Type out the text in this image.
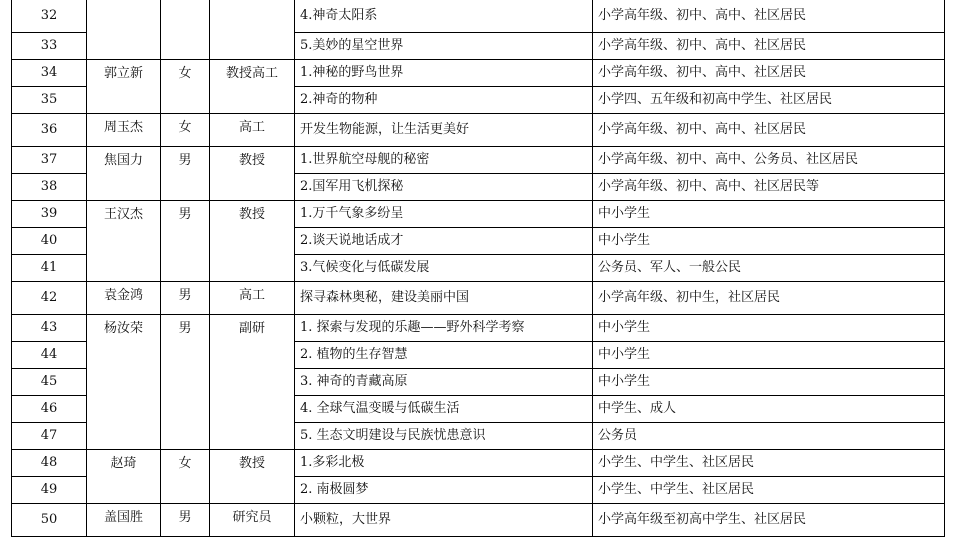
32				4.神奇太阳系	小学高年级、初中、高中、社区居民
33				5.美妙的星空世界	小学高年级、初中、高中、社区居民
34	郭立新	女	教授高工	1.神秘的野鸟世界	小学高年级、初中、高中、社区居民
35				2.神奇的物种	小学四、五年级和初高中学生、社区居民
36	周玉杰	女	高工	开发生物能源，让生活更美好	小学高年级、初中、高中、社区居民
37	焦国力	男	教授	1.世界航空母舰的秘密	小学高年级、初中、高中、公务员、社区居民
38				2.国军用飞机探秘	小学高年级、初中、高中、社区居民等
39	王汉杰	男	教授	1.万千气象多纷呈	中小学生
40				2.谈天说地话成才	中小学生
41				3.气候变化与低碳发展	公务员、军人、一般公民
42	袁金鸿	男	高工	探寻森林奥秘，建设美丽中国	小学高年级、初中生，社区居民
43	杨汝荣	男	副研	1. 探索与发现的乐趣——野外科学考察	中小学生
44				2. 植物的生存智慧	中小学生
45				3. 神奇的青藏高原	中小学生
46				4. 全球气温变暖与低碳生活	中学生、成人
47				5. 生态文明建设与民族忧患意识	公务员
48	赵琦	女	教授	1.多彩北极	小学生、中学生、社区居民
49				2. 南极圆梦	小学生、中学生、社区居民
50	盖国胜	男	研究员	小颗粒，大世界	小学高年级至初高中学生、社区居民
